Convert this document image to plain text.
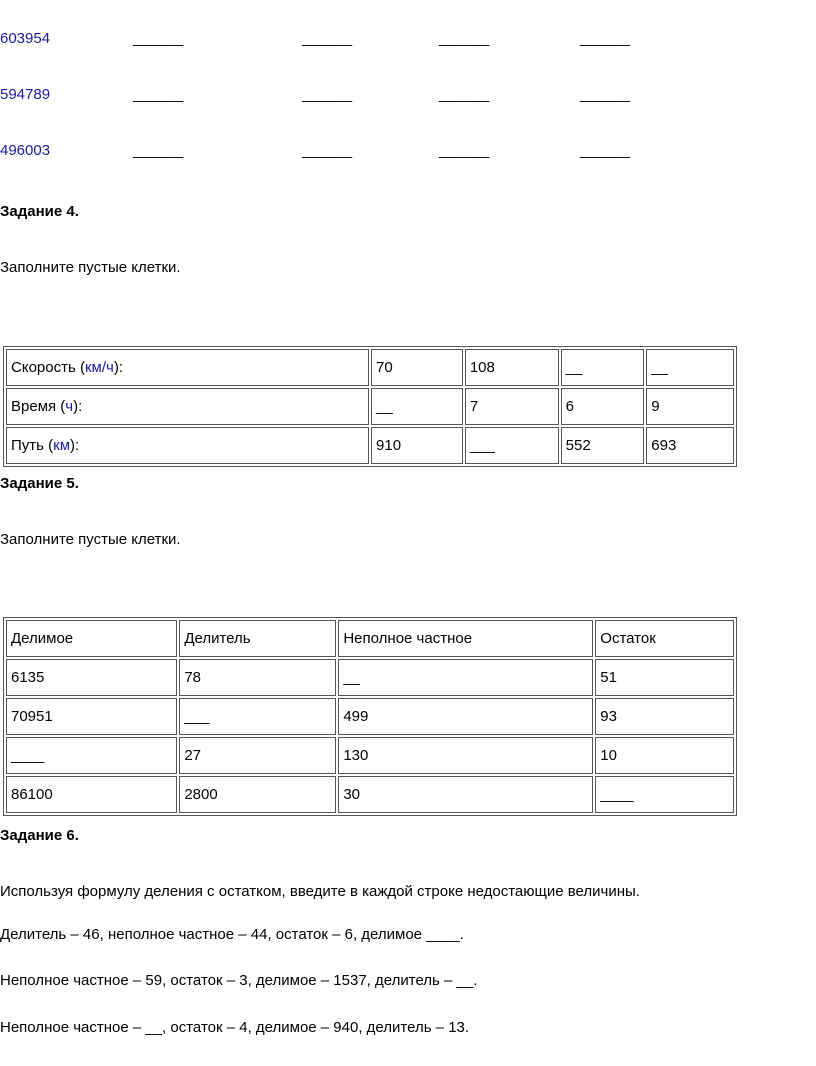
603954	______	______	______	______
594789	______	______	______	______
496003	______	______	______	______
Задание 4.
Заполните пустые клетки.
Скорость (км/ч):	70	108	__	__
Время (ч):	__	7	6	9
Путь (км):	910	___	552	693
Задание 5.
Заполните пустые клетки.
Делимое	Делитель	Неполное частное	Остаток
6135	78	__	51
70951	___	499	93
____	27	130	10
86100	2800	30	____
Задание 6.
Используя формулу деления с остатком, введите в каждой строке недостающие величины.
Делитель – 46, неполное частное – 44, остаток – 6, делимое ____.
Неполное частное – 59, остаток – 3, делимое – 1537, делитель – __.
Неполное частное – __, остаток – 4, делимое – 940, делитель – 13.
